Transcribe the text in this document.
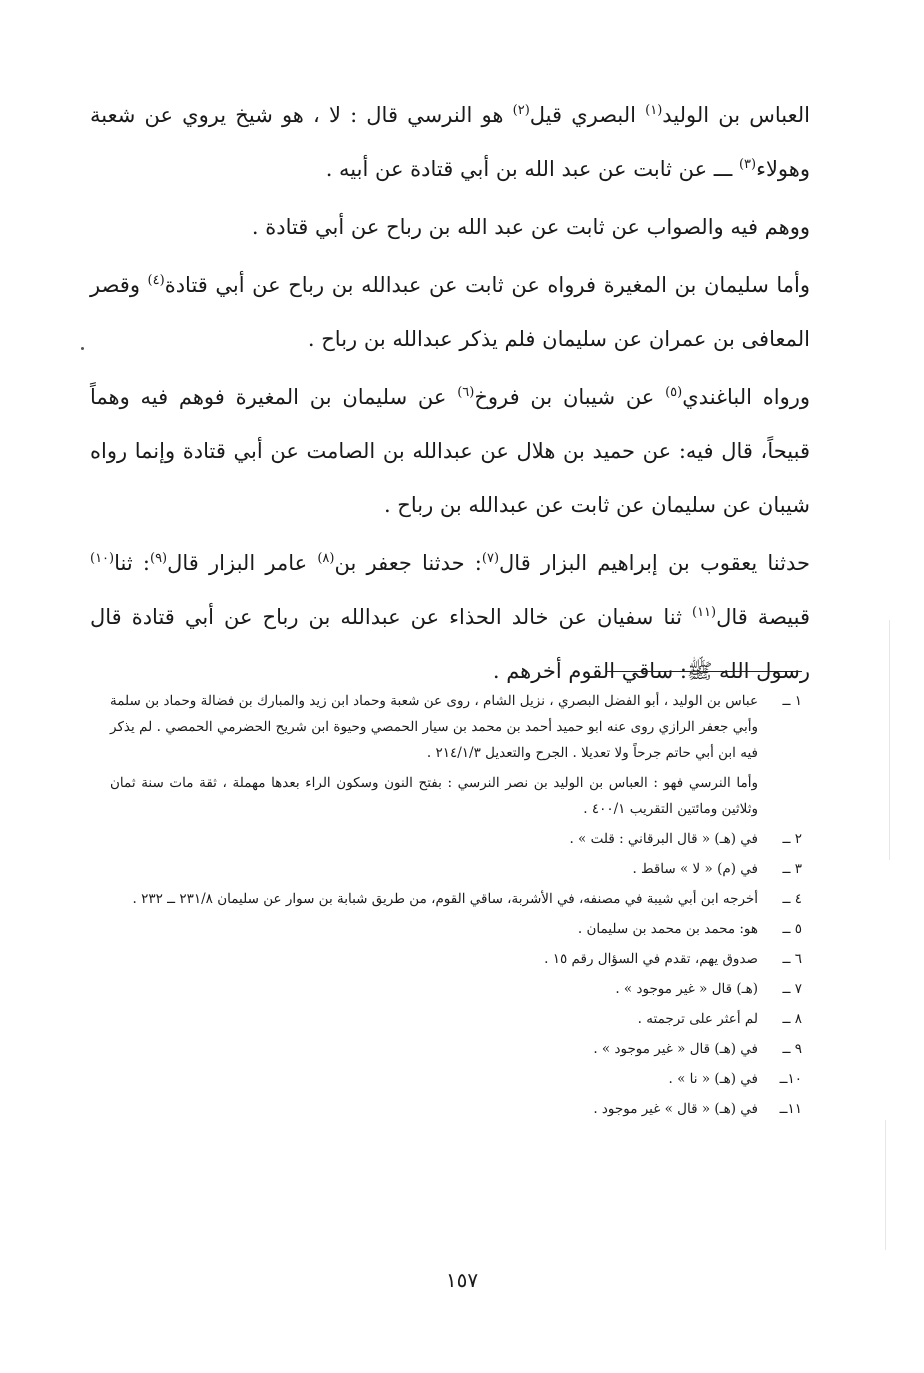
العباس بن الوليد$^{(١)}$ البصري قيل$^{(٢)}$ هو النرسي قال : لا ، هو شيخ يروي عن شعبة وهولاء$^{(٣)}$ ـــ عن ثابت عن عبد الله بن أبي قتادة عن أبيه .

ووهم فيه والصواب عن ثابت عن عبد الله بن رباح عن أبي قتادة .

وأما سليمان بن المغيرة فرواه عن ثابت عن عبدالله بن رباح عن أبي قتادة$^{(٤)}$ وقصر المعافى بن عمران عن سليمان فلم يذكر عبدالله بن رباح .

ورواه الباغندي$^{(٥)}$ عن شيبان بن فروخ$^{(٦)}$ عن سليمان بن المغيرة فوهم فيه وهماً قبيحاً، قال فيه: عن حميد بن هلال عن عبدالله بن الصامت عن أبي قتادة وإنما رواه شيبان عن سليمان عن ثابت عن عبدالله بن رباح .

حدثنا يعقوب بن إبراهيم البزار قال$^{(٧)}$: حدثنا جعفر بن$^{(٨)}$ عامر البزار قال$^{(٩)}$: ثنا$^{(١٠)}$ قبيصة قال$^{(١١)}$ ثنا سفيان عن خالد الحذاء عن عبدالله بن رباح عن أبي قتادة قال رسول الله ﷺ: ساقي القوم أخرهم .

١ ــ
عباس بن الوليد ، أبو الفضل البصري ، نزيل الشام ، روى عن شعبة وحماد ابن زيد والمبارك بن فضالة وحماد بن سلمة وأبي جعفر الرازي روى عنه ابو حميد أحمد بن محمد بن سيار الحمصي وحيوة ابن شريح الحضرمي الحمصي . لم يذكر فيه ابن أبي حاتم جرحاً ولا تعديلا . الجرح والتعديل ٢١٤/١/٣ .
وأما النرسي فهو : العباس بن الوليد بن نصر النرسي : بفتح النون وسكون الراء بعدها مهملة ، ثقة مات سنة ثمان وثلاثين ومائتين التقريب ٤٠٠/١ .
٢ ــ
في (هـ) « قال البرقاني : قلت » .
٣ ــ
في (م) « لا » ساقط .
٤ ــ
أخرجه ابن أبي شيبة في مصنفه، في الأشربة، ساقي القوم، من طريق شبابة بن سوار عن سليمان ٢٣١/٨ ــ ٢٣٢ .
٥ ــ
هو: محمد بن محمد بن سليمان .
٦ ــ
صدوق يهم، تقدم في السؤال رقم ١٥ .
٧ ــ
(هـ) قال « غير موجود » .
٨ ــ
لم أعثر على ترجمته .
٩ ــ
في (هـ) قال « غير موجود » .
١٠ــ
في (هـ) « نا » .
١١ــ
في (هـ) « قال » غير موجود .
١٥٧
